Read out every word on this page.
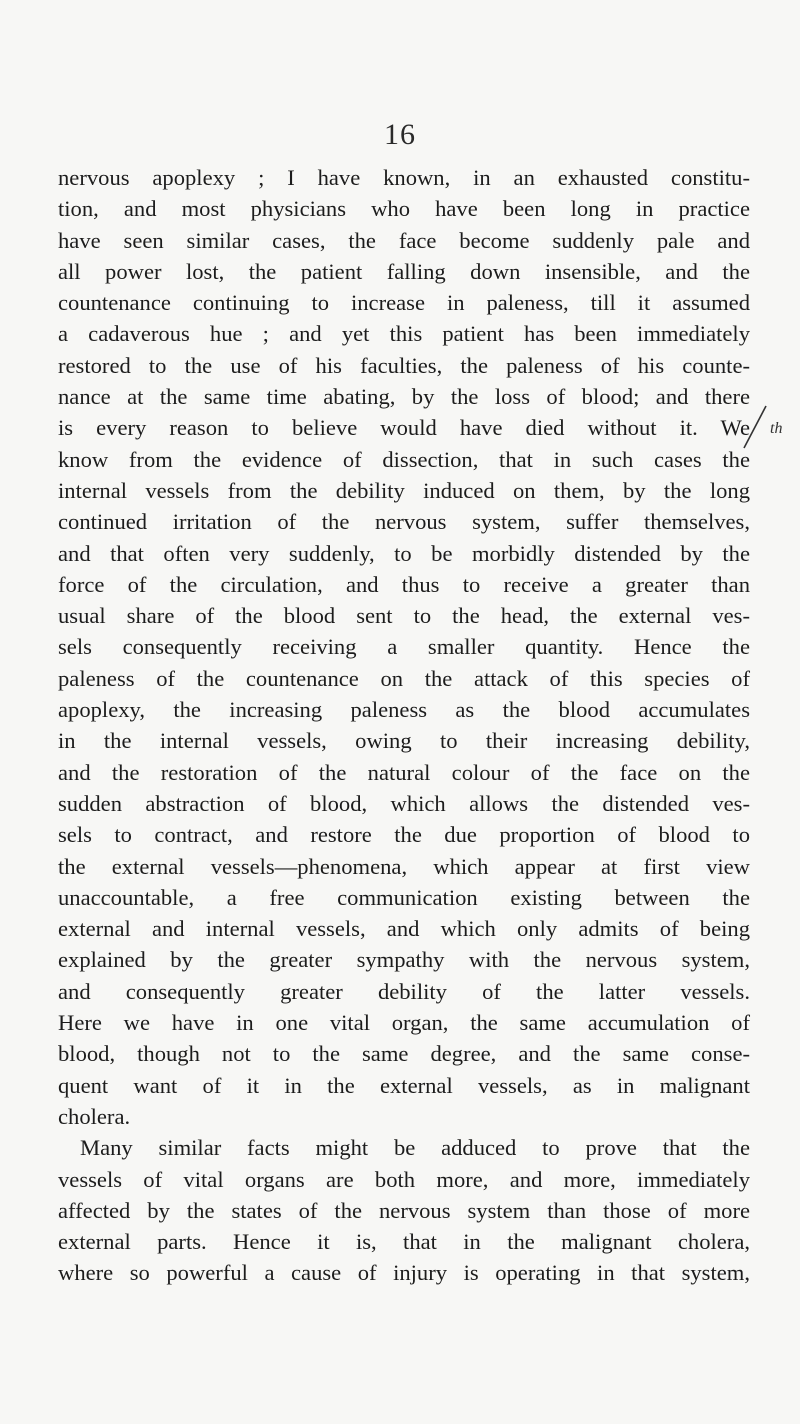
16
nervous apoplexy ; I have known, in an exhausted constitu-
tion, and most physicians who have been long in practice
have seen similar cases, the face become suddenly pale and
all power lost, the patient falling down insensible, and the
countenance continuing to increase in paleness, till it assumed
a cadaverous hue ; and yet this patient has been immediately
restored to the use of his faculties, the paleness of his counte-
nance at the same time abating, by the loss of blood; and there
is every reason to believe would have died without it. We
know from the evidence of dissection, that in such cases the
internal vessels from the debility induced on them, by the long
continued irritation of the nervous system, suffer themselves,
and that often very suddenly, to be morbidly distended by the
force of the circulation, and thus to receive a greater than
usual share of the blood sent to the head, the external ves-
sels consequently receiving a smaller quantity. Hence the
paleness of the countenance on the attack of this species of
apoplexy, the increasing paleness as the blood accumulates
in the internal vessels, owing to their increasing debility,
and the restoration of the natural colour of the face on the
sudden abstraction of blood, which allows the distended ves-
sels to contract, and restore the due proportion of blood to
the external vessels—phenomena, which appear at first view
unaccountable, a free communication existing between the
external and internal vessels, and which only admits of being
explained by the greater sympathy with the nervous system,
and consequently greater debility of the latter vessels.
Here we have in one vital organ, the same accumulation of
blood, though not to the same degree, and the same conse-
quent want of it in the external vessels, as in malignant
cholera.
Many similar facts might be adduced to prove that the
vessels of vital organs are both more, and more, immediately
affected by the states of the nervous system than those of more
external parts. Hence it is, that in the malignant cholera,
where so powerful a cause of injury is operating in that system,
th
